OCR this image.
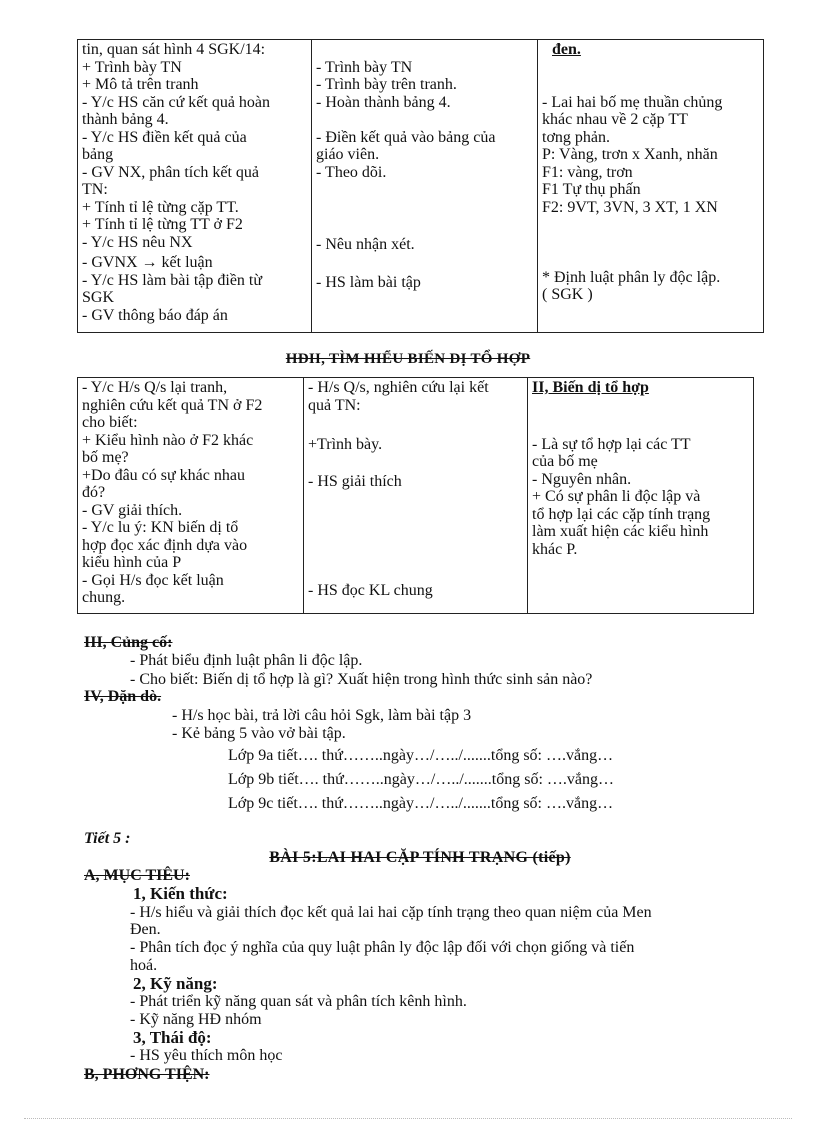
tin, quan sát hình 4 SGK/14:
+ Trình bày TN
+ Mô tả trên tranh
- Y/c HS căn cứ kết quả hoàn
thành bảng 4.
- Y/c HS điền kết quả của
bảng
- GV NX, phân tích kết quả
TN:
+ Tính tỉ lệ từng cặp TT.
+ Tính tỉ lệ từng TT ở F2
- Y/c HS nêu NX
- GVNX → kết luận
- Y/c HS làm bài tập điền từ
SGK
- GV thông báo đáp án

- Trình bày TN
- Trình bày trên tranh.
- Hoàn thành bảng 4.
- Điền kết quả vào bảng của
giáo viên.
- Theo dõi.
- Nêu nhận xét.
- HS làm bài tập

đen.
- Lai hai bố mẹ thuần chủng
khác nhau về 2 cặp TT
tơng phản.
P: Vàng, trơn x Xanh, nhăn
F1: vàng, trơn
F1 Tự thụ phấn
F2: 9VT, 3VN, 3 XT, 1 XN
* Định luật phân ly độc lập.
( SGK )
HĐII, TÌM HIỂU BIẾN DỊ TỔ HỢP
- Y/c H/s Q/s lại tranh,
nghiên cứu kết quả TN ở F2
cho biết:
+ Kiểu hình nào ở F2 khác
bố mẹ?
+Do đâu có sự khác nhau
đó?
- GV giải thích.
- Y/c lu ý: KN biến dị tổ
hợp đọc xác định dựa vào
kiểu hình của P
- Gọi H/s đọc kết luận
chung.

- H/s Q/s, nghiên cứu lại kết
quả TN:
+Trình bày.
- HS giải thích
- HS đọc KL chung

II, Biến dị tổ hợp
- Là sự tổ hợp lại các TT
của bố mẹ
- Nguyên nhân.
+ Có sự phân li độc lập và
tổ hợp lại các cặp tính trạng
làm xuất hiện các kiểu hình
khác P.

III, Củng cố:

- Phát biểu định luật phân li độc lập.

- Cho biết: Biến dị tổ hợp là gì? Xuất hiện trong hình thức sinh sản nào?

IV, Dặn dò.

- H/s học bài, trả lời câu hỏi Sgk, làm bài tập 3

- Kẻ bảng 5 vào vở bài tập.

Lớp 9a tiết…. thứ……..ngày…/…../.......tổng số: ….vắng…

Lớp 9b tiết…. thứ……..ngày…/…../.......tổng số: ….vắng…

Lớp 9c tiết…. thứ……..ngày…/…../.......tổng số: ….vắng…

Tiết 5 :

BÀI 5:LAI HAI CẶP TÍNH TRẠNG (tiếp)

A, MỤC TIÊU:

1, Kiến thức:

- H/s hiểu và giải thích đọc kết quả lai hai cặp tính trạng theo quan niệm của Men

Đen.

- Phân tích đọc ý nghĩa của quy luật phân ly độc lập đối với chọn giống và tiến

hoá.

2, Kỹ năng:

- Phát triển kỹ năng quan sát và phân tích kênh hình.

- Kỹ năng HĐ nhóm

3, Thái độ:

- HS yêu thích môn học

B, PHƠNG TIỆN:
